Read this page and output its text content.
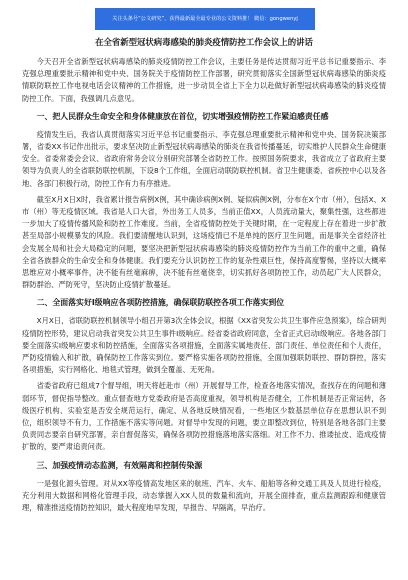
关注头条号“公文研究”，获得最新最全最专业的公文资料推！ 微信：gongwenyj
在全省新型冠状病毒感染的肺炎疫情防控工作会议上的讲话

今天召开全省新型冠状病毒感染的肺炎疫情防控工作会议，主要任务是传达贯彻习近平总书记重要指示、李克强总理重要批示精神和党中央、国务院关于疫情防控工作部署，研究贯彻落实全国新型冠状病毒感染的肺炎疫情联防联控工作电视电话会议精神的工作措施，进一步动员全省上下全力以赴做好新型冠状病毒感染的肺炎疫情防控工作。下面，我强调几点意见。

一、把人民群众生命安全和身体健康放在首位，切实增强疫情防控工作紧迫感责任感

疫情发生后，我省认真贯彻落实习近平总书记重要指示、李克强总理重要批示精神和党中央、国务院决策部署，省委XX书记作出批示，要求坚决防止新型冠状病毒感染的肺炎在我省传播蔓延，切实维护人民群众生命健康安全。省委常委会会议、省政府常务会议分别研究部署全省防控工作。按照国务院要求，我省成立了省政府主要领导为负责人的全省联防联控机制，下设8个工作组，全面启动联防联控机制。省卫生健康委、省疾控中心以及各地、各部门积极行动，防控工作有力有序推进。

截至X月X日X时，我省累计报告病例X例，其中确诊病例X例、疑似病例X例，分布在X个市（州），包括X、X市（州）等无疫情区域。我省是人口大省，外出务工人员多，当前正值XX，人员流动量大，聚集性强，这些都进一步加大了疫情传播风险和防控工作难度。当前，全省疫情防控处于关键时期，在一定程度上存在着进一步扩散甚至局部小规模暴发的风险。我们要清醒地认识到，这场疫情已不是单纯的医疗卫生问题，而是事关全省经济社会发展全局和社会大局稳定的问题，要坚决把新型冠状病毒感染的肺炎疫情防控作为当前工作的重中之重，确保全省各族群众的生命安全和身体健康。我们要充分认识防控工作的复杂性艰巨性，保持高度警惕，坚持以大概率思维应对小概率事件，决不能有丝毫麻痹，决不能有丝毫侥幸，切实抓好各项防控工作，动员起广大人民群众，群防群治、严防死守，坚决防止疫情扩散蔓延。

二、全面落实好Ⅰ级响应各项防控措施，确保联防联控各项工作落实到位

X月X日，省联防联控机制领导小组召开第3次全体会议，根据《XX省突发公共卫生事件应急预案》，综合研判疫情防控形势，建议启动我省突发公共卫生事件Ⅰ级响应。经省委省政府同意，全省正式启动Ⅰ级响应。各地各部门要全面落实Ⅰ级响应要求和防控措施，全面落实各项措施，全面落实属地责任、部门责任、单位责任和个人责任，严防疫情输入和扩散，确保防控工作落实到位。要严格实施各项防控措施，全面加强联防联控、群防群控，落实各项措施，实行网格化、地毯式管理，做到全覆盖、无死角。

省委省政府已组成7个督导组，明天将赶赴市（州）开展督导工作，检查各地落实情况，查找存在的问题和薄弱环节，督促指导整改。重点督查地方党委政府是否高度重视，领导机构是否健全，工作机制是否正常运转，各级医疗机构、实验室是否安全规范运行，确定、从各地反映情况看，一些地区少数基层单位存在思想认识不到位，组织领导不有力，工作措施不落实等问题。对督导中发现的问题，要立即整改到位，特别是各地各部门主要负责同志要亲自研究部署，亲自督促落实，确保各项防控措施落地落实落细。对工作不力、推诿扯皮、造成疫情扩散的，要严肃追责问责。

三、加强疫情动态监测，有效隔离和控制传染源

一是强化源头管理。对从XX等疫情高发地区来的航班、汽车、火车、船舶等各种交通工具及人员进行检疫，充分利用大数据和网格化管理手段，动态掌握入XX人员的数量和流向，开展全面排查，重点监测跟踪和健康管理，精准推送疫情防控知识，最大程度地早发现，早报告、早隔离，早治疗。
